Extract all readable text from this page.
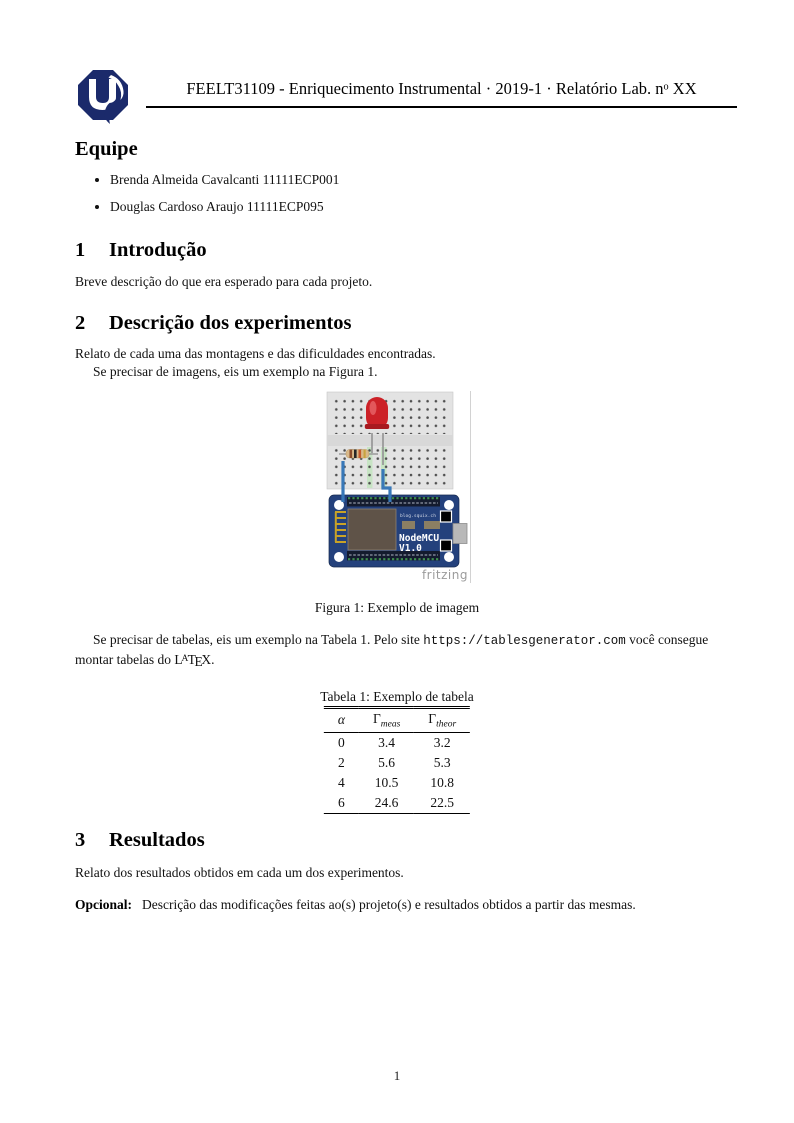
FEELT31109 - Enriquecimento Instrumental · 2019-1 · Relatório Lab. $n^o$ XX
Equipe
• Brenda Almeida Cavalcanti 11111ECP001
• Douglas Cardoso Araujo 11111ECP095
1 Introdução

Breve descrição do que era esperado para cada projeto.

2 Descrição dos experimentos

Relato de cada uma das montagens e das dificuldades encontradas.

Se precisar de imagens, eis um exemplo na Figura 1.

blog.squix.ch
NodeMCU
V1.0
fritzing
Figura 1: Exemplo de imagem

Se precisar de tabelas, eis um exemplo na Tabela 1. Pelo site https://tablesgenerator.com você consegue montar tabelas do LATEX.

Tabela 1: Exemplo de tabela
α	$\Gamma_{meas}$	$\Gamma_{theor}$
0	3.4	3.2
2	5.6	5.3
4	10.5	10.8
6	24.6	22.5
3 Resultados

Relato dos resultados obtidos em cada um dos experimentos.

Opcional: Descrição das modificações feitas ao(s) projeto(s) e resultados obtidos a partir das mesmas.

1
